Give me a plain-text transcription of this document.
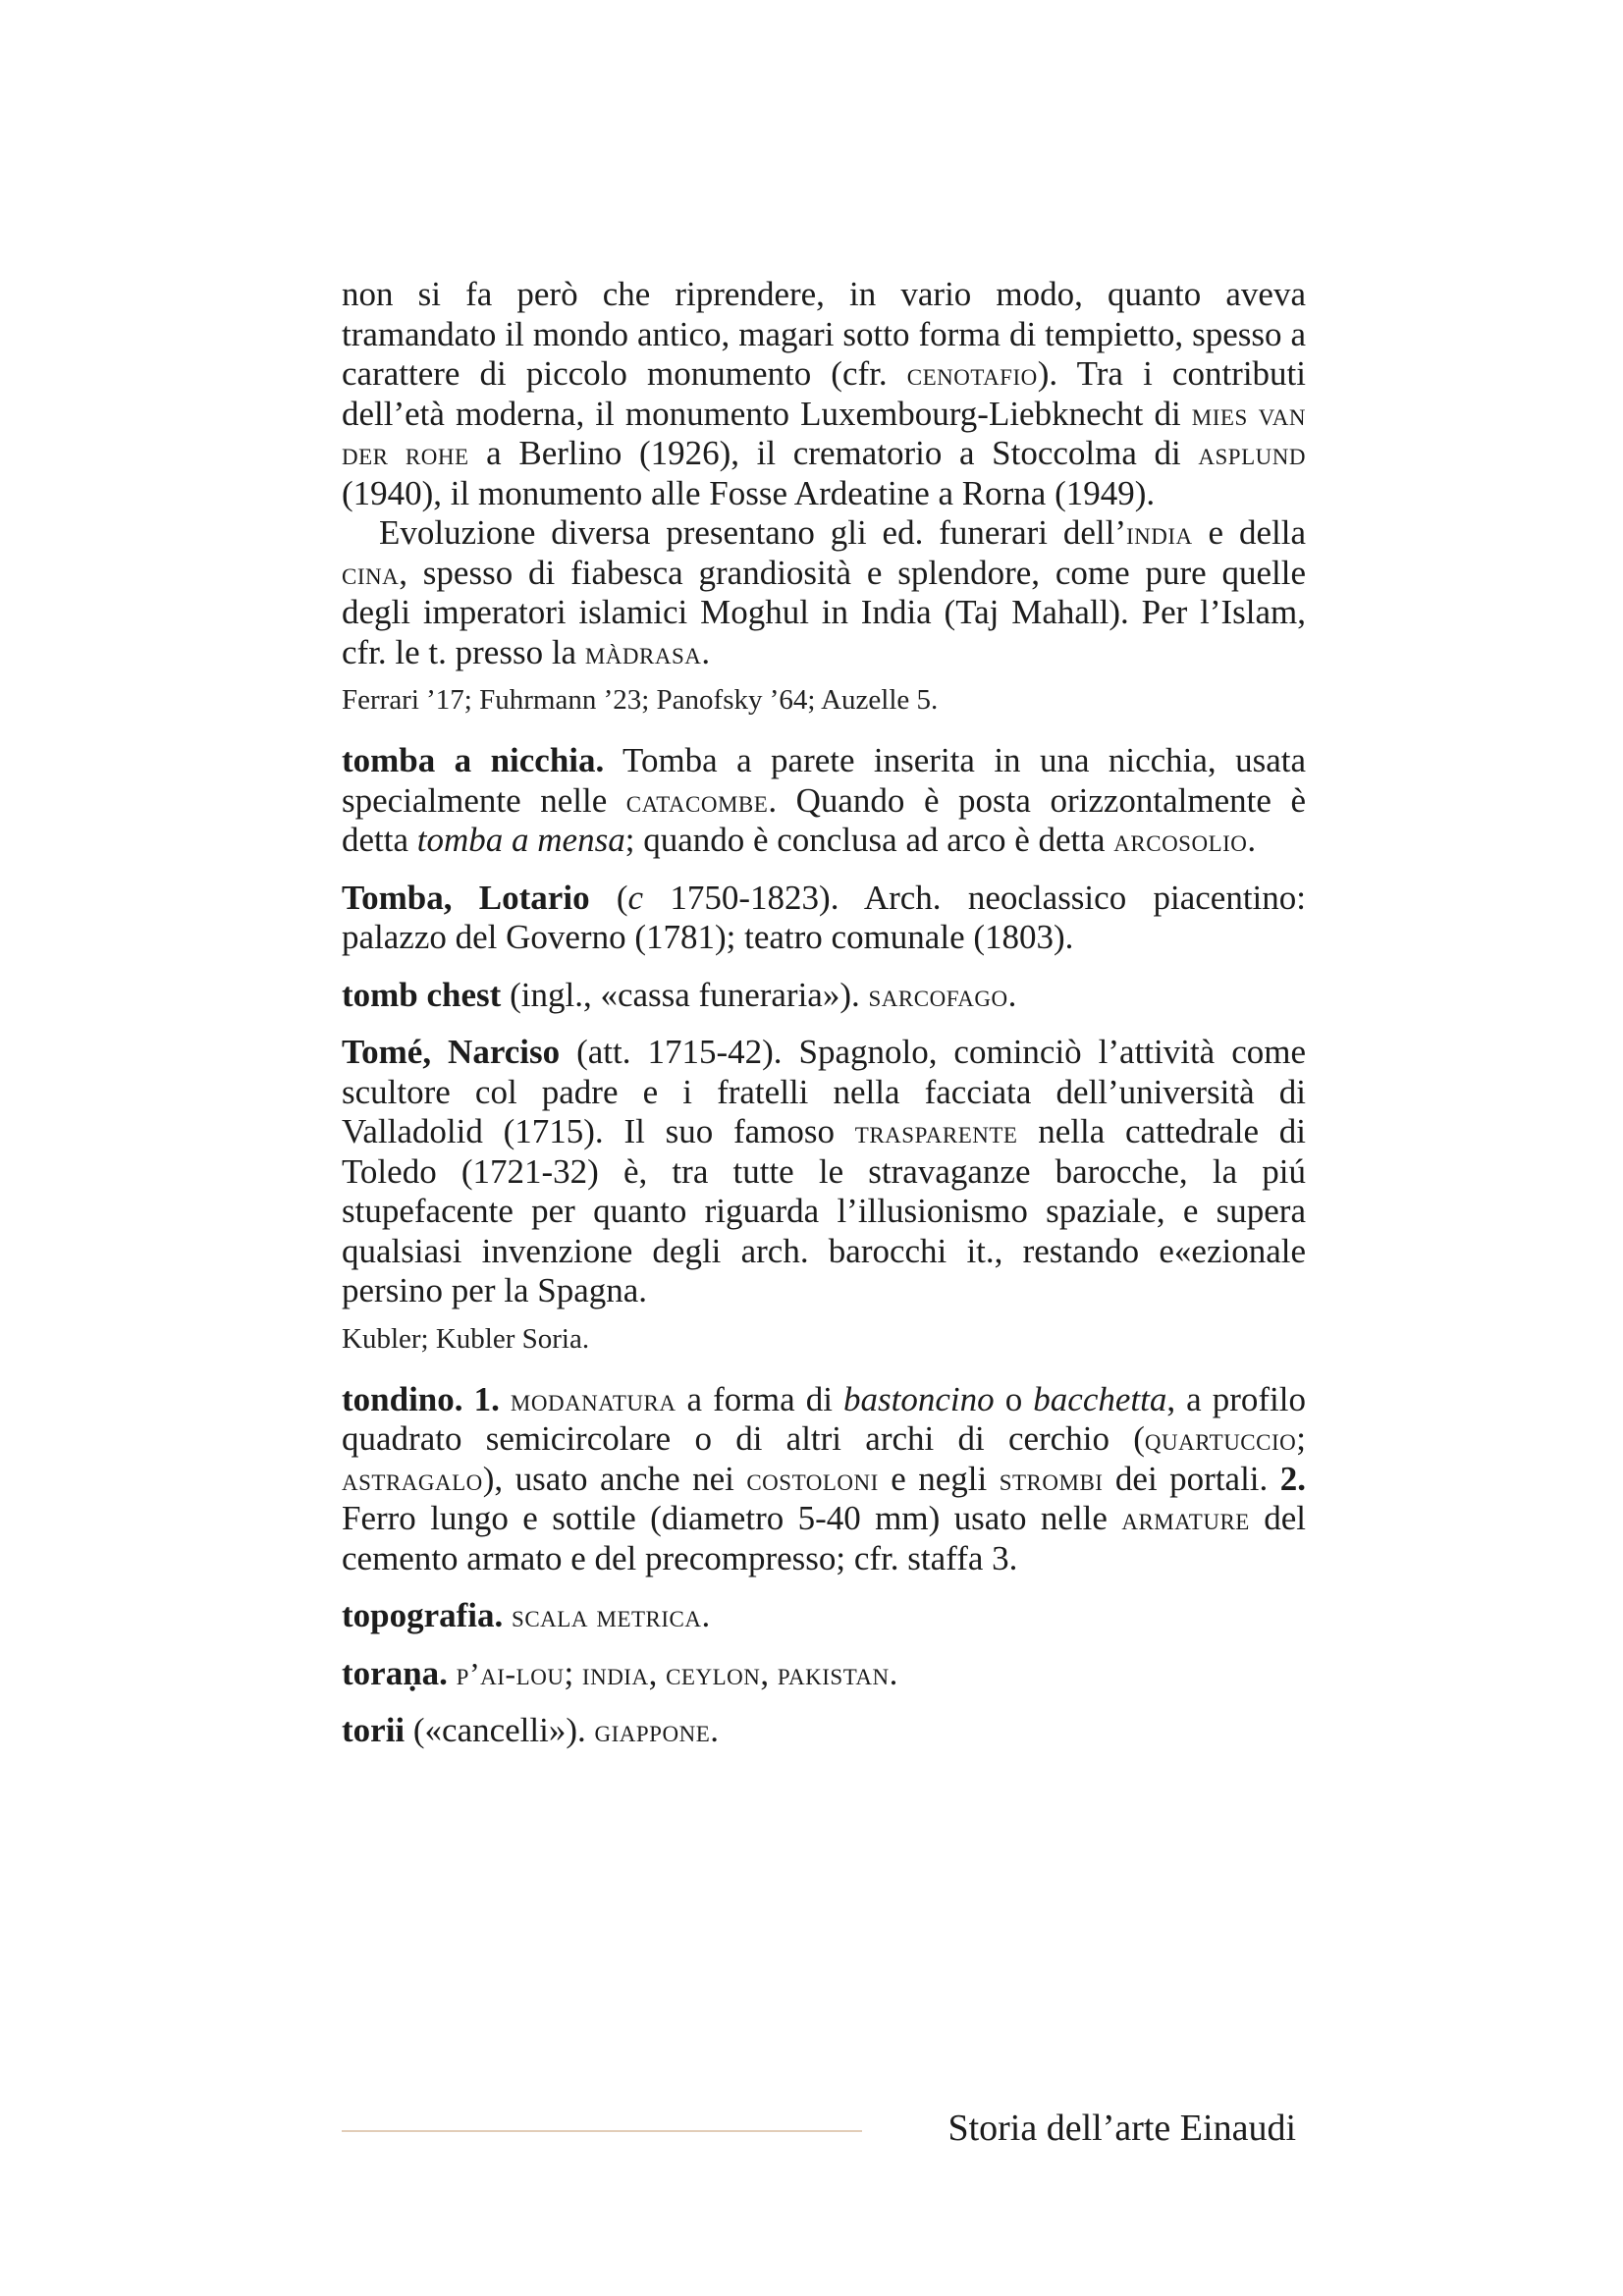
non si fa però che riprendere, in vario modo, quanto aveva tramandato il mondo antico, magari sotto forma di tempietto, spesso a carattere di piccolo monumento (cfr. cenotafio). Tra i contributi dell’età moderna, il monumento Luxembourg-Liebknecht di mies van der rohe a Berlino (1926), il crematorio a Stoccolma di asplund (1940), il monumento alle Fosse Ardeatine a Rorna (1949).

Evoluzione diversa presentano gli ed. funerari dell’india e della cina, spesso di fiabesca grandiosità e splendore, come pure quelle degli imperatori islamici Moghul in India (Taj Mahall). Per l’Islam, cfr. le t. presso la màdrasa.

Ferrari ’17; Fuhrmann ’23; Panofsky ’64; Auzelle 5.
tomba a nicchia. Tomba a parete inserita in una nicchia, usata specialmente nelle catacombe. Quando è posta orizzontalmente è detta tomba a mensa; quando è conclusa ad arco è detta arcosolio.
Tomba, Lotario (c 1750-1823). Arch. neoclassico piacentino: palazzo del Governo (1781); teatro comunale (1803).
tomb chest (ingl., «cassa funeraria»). sarcofago.
Tomé, Narciso (att. 1715-42). Spagnolo, cominciò l’attività come scultore col padre e i fratelli nella facciata dell’università di Valladolid (1715). Il suo famoso trasparente nella cattedrale di Toledo (1721-32) è, tra tutte le stravaganze barocche, la piú stupefacente per quanto riguarda l’illusionismo spaziale, e supera qualsiasi invenzione degli arch. barocchi it., restando e«ezionale persino per la Spagna.
Kubler; Kubler Soria.
tondino. 1. modanatura a forma di bastoncino o bacchetta, a profilo quadrato semicircolare o di altri archi di cerchio (quartuccio; astragalo), usato anche nei costoloni e negli strombi dei portali. 2. Ferro lungo e sottile (diametro 5-40 mm) usato nelle armature del cemento armato e del precompresso; cfr. staffa 3.
topografia. scala metrica.
toraṇa. p’ai-lou; india, ceylon, pakistan.
torii («cancelli»). giappone.
Storia dell’arte Einaudi
